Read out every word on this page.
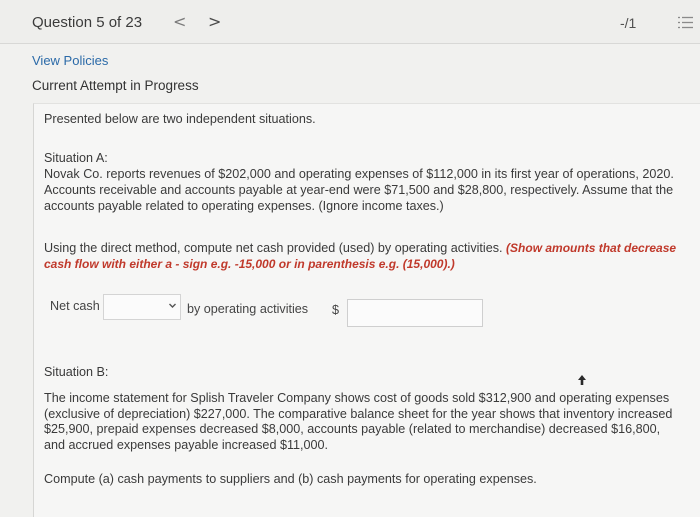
Question 5 of 23 < >	-/1
View Policies
Current Attempt in Progress
Presented below are two independent situations.
Situation A:
Novak Co. reports revenues of $202,000 and operating expenses of $112,000 in its first year of operations, 2020. Accounts receivable and accounts payable at year-end were $71,500 and $28,800, respectively. Assume that the accounts payable related to operating expenses. (Ignore income taxes.)
Using the direct method, compute net cash provided (used) by operating activities. (Show amounts that decrease cash flow with either a - sign e.g. -15,000 or in parenthesis e.g. (15,000).)
Net cash	by operating activities $
Situation B:
The income statement for Splish Traveler Company shows cost of goods sold $312,900 and operating expenses (exclusive of depreciation) $227,000. The comparative balance sheet for the year shows that inventory increased $25,900, prepaid expenses decreased $8,000, accounts payable (related to merchandise) decreased $16,800, and accrued expenses payable increased $11,000.
Compute (a) cash payments to suppliers and (b) cash payments for operating expenses.
